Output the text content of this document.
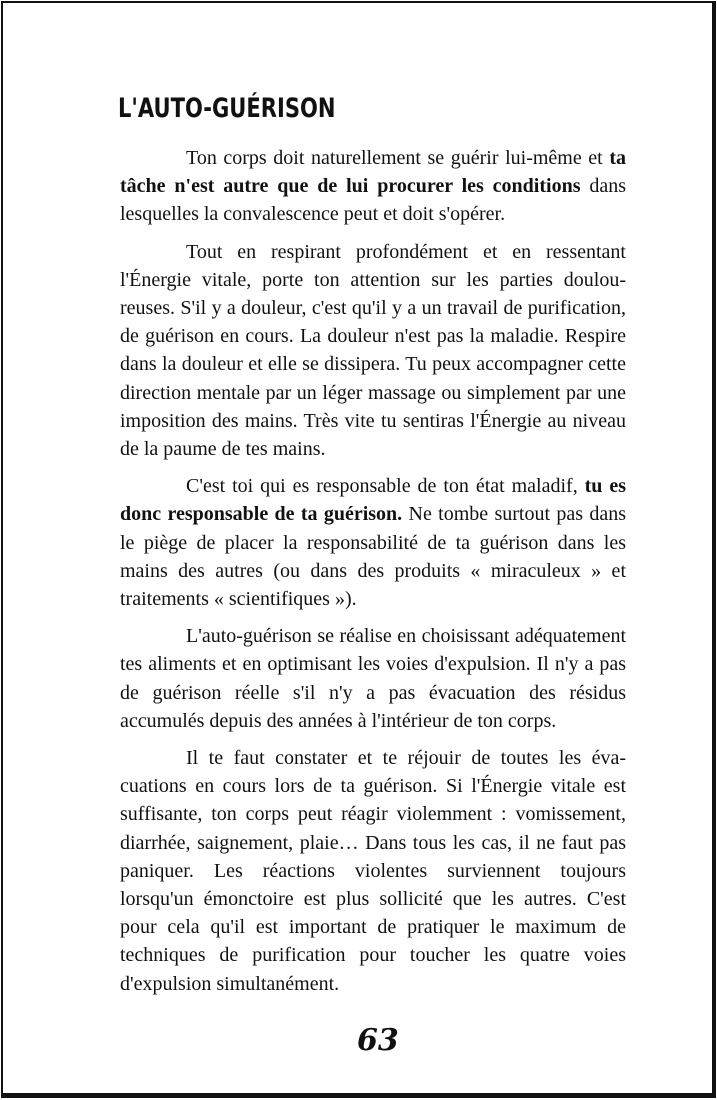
L'AUTO-GUÉRISON

Ton corps doit naturellement se guérir lui-même et ta tâche n'est autre que de lui procurer les conditions dans lesquelles la convalescence peut et doit s'opérer.

Tout en respirant profondément et en ressentant l'Énergie vitale, porte ton attention sur les parties douloureuses. S'il y a douleur, c'est qu'il y a un travail de purification, de guérison en cours. La douleur n'est pas la maladie. Respire dans la douleur et elle se dissipera. Tu peux accompagner cette direction mentale par un léger massage ou simplement par une imposition des mains. Très vite tu sentiras l'Énergie au niveau de la paume de tes mains.

C'est toi qui es responsable de ton état maladif, tu es donc responsable de ta guérison. Ne tombe surtout pas dans le piège de placer la responsabilité de ta guérison dans les mains des autres (ou dans des produits « miraculeux » et traitements « scientifiques »).

L'auto-guérison se réalise en choisissant adéquatement tes aliments et en optimisant les voies d'expulsion. Il n'y a pas de guérison réelle s'il n'y a pas évacuation des résidus accumulés depuis des années à l'intérieur de ton corps.

Il te faut constater et te réjouir de toutes les évacuations en cours lors de ta guérison. Si l'Énergie vitale est suffisante, ton corps peut réagir violemment : vomissement, diarrhée, saignement, plaie… Dans tous les cas, il ne faut pas paniquer. Les réactions violentes surviennent toujours lorsqu'un émonctoire est plus sollicité que les autres. C'est pour cela qu'il est important de pratiquer le maximum de techniques de purification pour toucher les quatre voies d'expulsion simultanément.

63
